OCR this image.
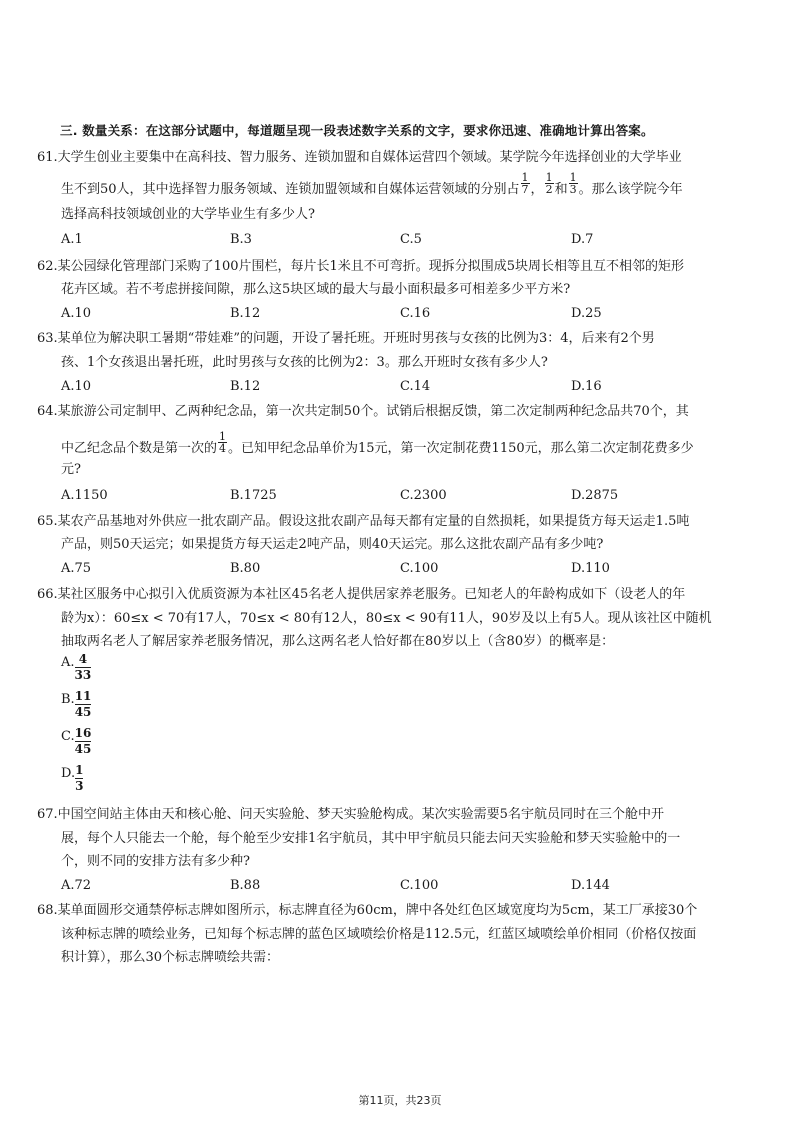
三. 数量关系：在这部分试题中，每道题呈现一段表述数字关系的文字，要求你迅速、准确地计算出答案。
61.大学生创业主要集中在高科技、智力服务、连锁加盟和自媒体运营四个领域。某学院今年选择创业的大学毕业
生不到50人，其中选择智力服务领域、连锁加盟领域和自媒体运营领域的分别占 $\frac{1}{7}$ ， $\frac{1}{2}$ 和 $\frac{1}{3}$ 。那么该学院今年
选择高科技领域创业的大学毕业生有多少人?
A.1	B.3	C.5	D.7
62.某公园绿化管理部门采购了100片围栏，每片长1米且不可弯折。现拆分拟围成5块周长相等且互不相邻的矩形
花卉区域。若不考虑拼接间隙，那么这5块区域的最大与最小面积最多可相差多少平方米?
A.10	B.12	C.16	D.25
63.某单位为解决职工暑期“带娃难”的问题，开设了暑托班。开班时男孩与女孩的比例为3：4，后来有2个男
孩、1个女孩退出暑托班，此时男孩与女孩的比例为2：3。那么开班时女孩有多少人?
A.10	B.12	C.14	D.16
64.某旅游公司定制甲、乙两种纪念品，第一次共定制50个。试销后根据反馈，第二次定制两种纪念品共70个，其
中乙纪念品个数是第一次的 $\frac{1}{4}$ 。已知甲纪念品单价为15元，第一次定制花费1150元，那么第二次定制花费多少
元?
A.1150	B.1725	C.2300	D.2875
65.某农产品基地对外供应一批农副产品。假设这批农副产品每天都有定量的自然损耗，如果提货方每天运走1.5吨
产品，则50天运完；如果提货方每天运走2吨产品，则40天运完。那么这批农副产品有多少吨?
A.75	B.80	C.100	D.110
66.某社区服务中心拟引入优质资源为本社区45名老人提供居家养老服务。已知老人的年龄构成如下（设老人的年
龄为x）：60≤x < 70有17人，70≤x < 80有12人，80≤x < 90有11人，90岁及以上有5人。现从该社区中随机
抽取两名老人了解居家养老服务情况，那么这两名老人恰好都在80岁以上（含80岁）的概率是：
A. $\frac{4}{33}$
B. $\frac{11}{45}$
C. $\frac{16}{45}$
D. $\frac{1}{3}$
67.中国空间站主体由天和核心舱、问天实验舱、梦天实验舱构成。某次实验需要5名宇航员同时在三个舱中开
展，每个人只能去一个舱，每个舱至少安排1名宇航员，其中甲宇航员只能去问天实验舱和梦天实验舱中的一
个，则不同的安排方法有多少种?
A.72	B.88	C.100	D.144
68.某单面圆形交通禁停标志牌如图所示，标志牌直径为60cm，牌中各处红色区域宽度均为5cm，某工厂承接30个
该种标志牌的喷绘业务，已知每个标志牌的蓝色区域喷绘价格是112.5元，红蓝区域喷绘单价相同（价格仅按面
积计算），那么30个标志牌喷绘共需：
第11页，共23页
